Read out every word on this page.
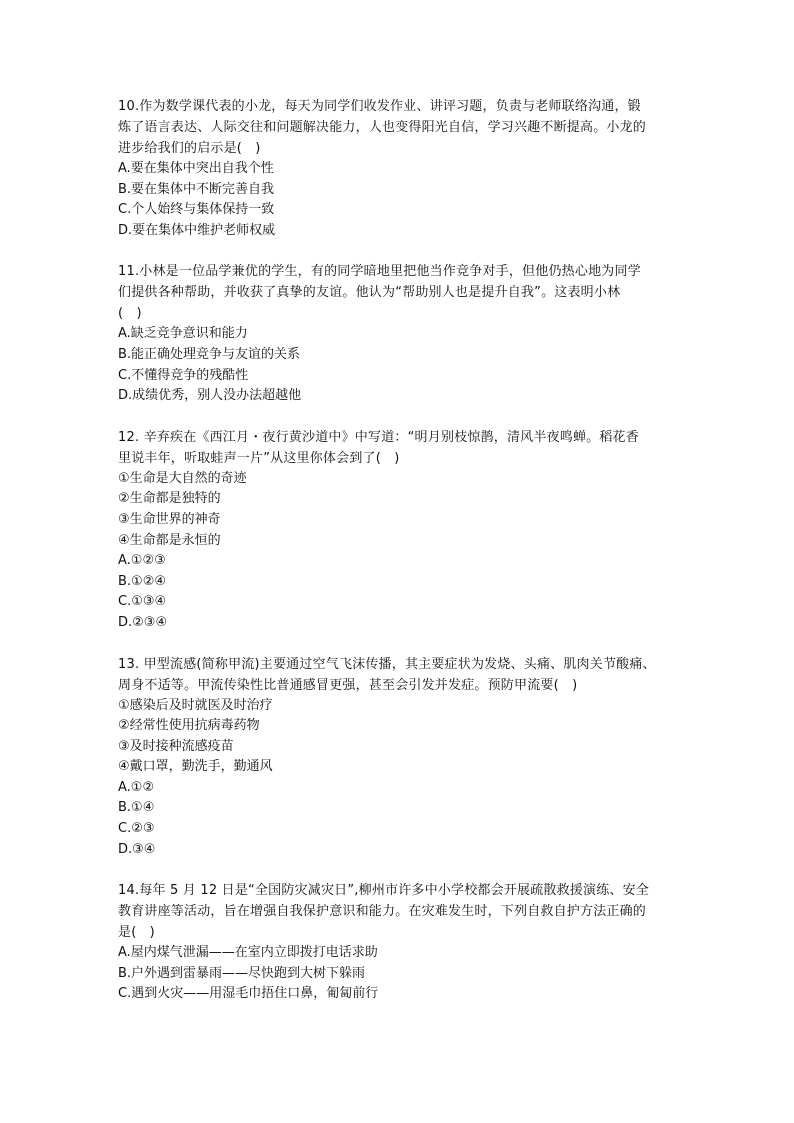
10.作为数学课代表的小龙，每天为同学们收发作业、讲评习题，负责与老师联络沟通，锻
炼了语言表达、人际交往和问题解决能力，人也变得阳光自信，学习兴趣不断提高。小龙的
进步给我们的启示是(　)

A.要在集体中突出自我个性

B.要在集体中不断完善自我

C.个人始终与集体保持一致

D.要在集体中维护老师权威

11.小林是一位品学兼优的学生，有的同学暗地里把他当作竞争对手，但他仍热心地为同学
们提供各种帮助，并收获了真挚的友谊。他认为“帮助别人也是提升自我”。这表明小林
(　)

A.缺乏竞争意识和能力

B.能正确处理竞争与友谊的关系

C.不懂得竞争的残酷性

D.成绩优秀，别人没办法超越他

12. 辛弃疾在《西江月・夜行黄沙道中》中写道：“明月别枝惊鹊，清风半夜鸣蝉。稻花香
里说丰年，听取蛙声一片”从这里你体会到了(　)

①生命是大自然的奇迹

②生命都是独特的

③生命世界的神奇

④生命都是永恒的

A.①②③

B.①②④

C.①③④

D.②③④

13. 甲型流感(简称甲流)主要通过空气飞沫传播，其主要症状为发烧、头痛、肌肉关节酸痛、
周身不适等。甲流传染性比普通感冒更强，甚至会引发并发症。预防甲流要(　)

①感染后及时就医及时治疗

②经常性使用抗病毒药物

③及时接种流感疫苗

④戴口罩，勤洗手，勤通风

A.①②

B.①④

C.②③

D.③④

14.每年 5 月 12 日是“全国防灾减灾日”,柳州市许多中小学校都会开展疏散救援演练、安全
教育讲座等活动，旨在增强自我保护意识和能力。在灾难发生时，下列自救自护方法正确的
是(　)

A.屋内煤气泄漏——在室内立即拨打电话求助

B.户外遇到雷暴雨——尽快跑到大树下躲雨

C.遇到火灾——用湿毛巾捂住口鼻，匍匐前行
